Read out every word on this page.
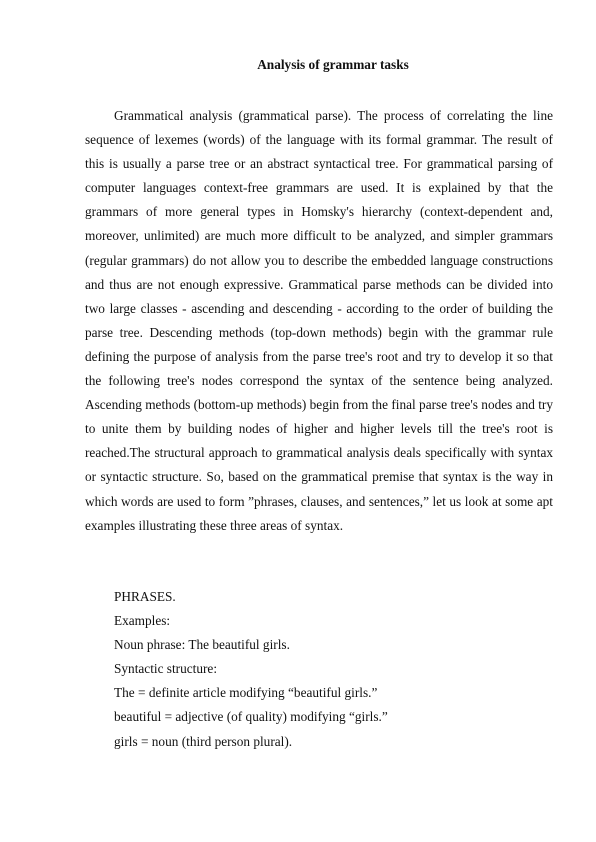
Analysis of grammar tasks

Grammatical analysis (grammatical parse). The process of correlating the line sequence of lexemes (words) of the language with its formal grammar. The result of this is usually a parse tree or an abstract syntactical tree. For grammatical parsing of computer languages context-free grammars are used. It is explained by that the grammars of more general types in Homsky's hierarchy (context-dependent and, moreover, unlimited) are much more difficult to be analyzed, and simpler grammars (regular grammars) do not allow you to describe the embedded language constructions and thus are not enough expressive. Grammatical parse methods can be divided into two large classes - ascending and descending - according to the order of building the parse tree. Descending methods (top-down methods) begin with the grammar rule defining the purpose of analysis from the parse tree's root and try to develop it so that the following tree's nodes correspond the syntax of the sentence being analyzed. Ascending methods (bottom-up methods) begin from the final parse tree's nodes and try to unite them by building nodes of higher and higher levels till the tree's root is reached.The structural approach to grammatical analysis deals specifically with syntax or syntactic structure. So, based on the grammatical premise that syntax is the way in which words are used to form ”phrases, clauses, and sentences,” let us look at some apt examples illustrating these three areas of syntax.

PHRASES.
Examples:
Noun phrase: The beautiful girls.
Syntactic structure:
The = definite article modifying “beautiful girls.”
beautiful = adjective (of quality) modifying “girls.”
girls = noun (third person plural).
